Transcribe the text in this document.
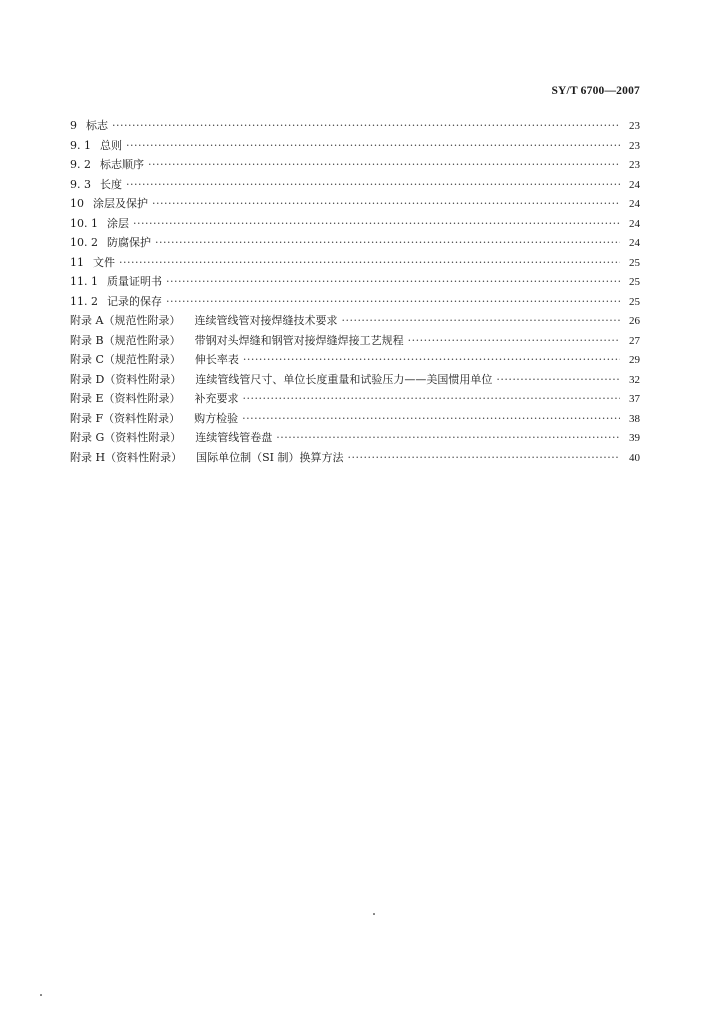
SY/T 6700—2007
9 标志 ·····	23
9. 1 总则 ·····	23
9. 2 标志顺序 ·····	23
9. 3 长度 ·····	24
10 涂层及保护 ·····	24
10. 1 涂层 ·····	24
10. 2 防腐保护 ·····	24
11 文件 ·····	25
11. 1 质量证明书 ·····	25
11. 2 记录的保存 ·····	25
附录 A（规范性附录）	连续管线管对接焊缝技术要求 ·····	26
附录 B（规范性附录）	带钢对头焊缝和钢管对接焊缝焊接工艺规程 ·····	27
附录 C（规范性附录）	伸长率表 ·····	29
附录 D（资料性附录）	连续管线管尺寸、单位长度重量和试验压力——美国惯用单位 ·····	32
附录 E（资料性附录）	补充要求 ·····	37
附录 F（资料性附录）	购方检验 ·····	38
附录 G（资料性附录）	连续管线管卷盘 ·····	39
附录 H（资料性附录）	国际单位制（SI 制）换算方法 ·····	40
